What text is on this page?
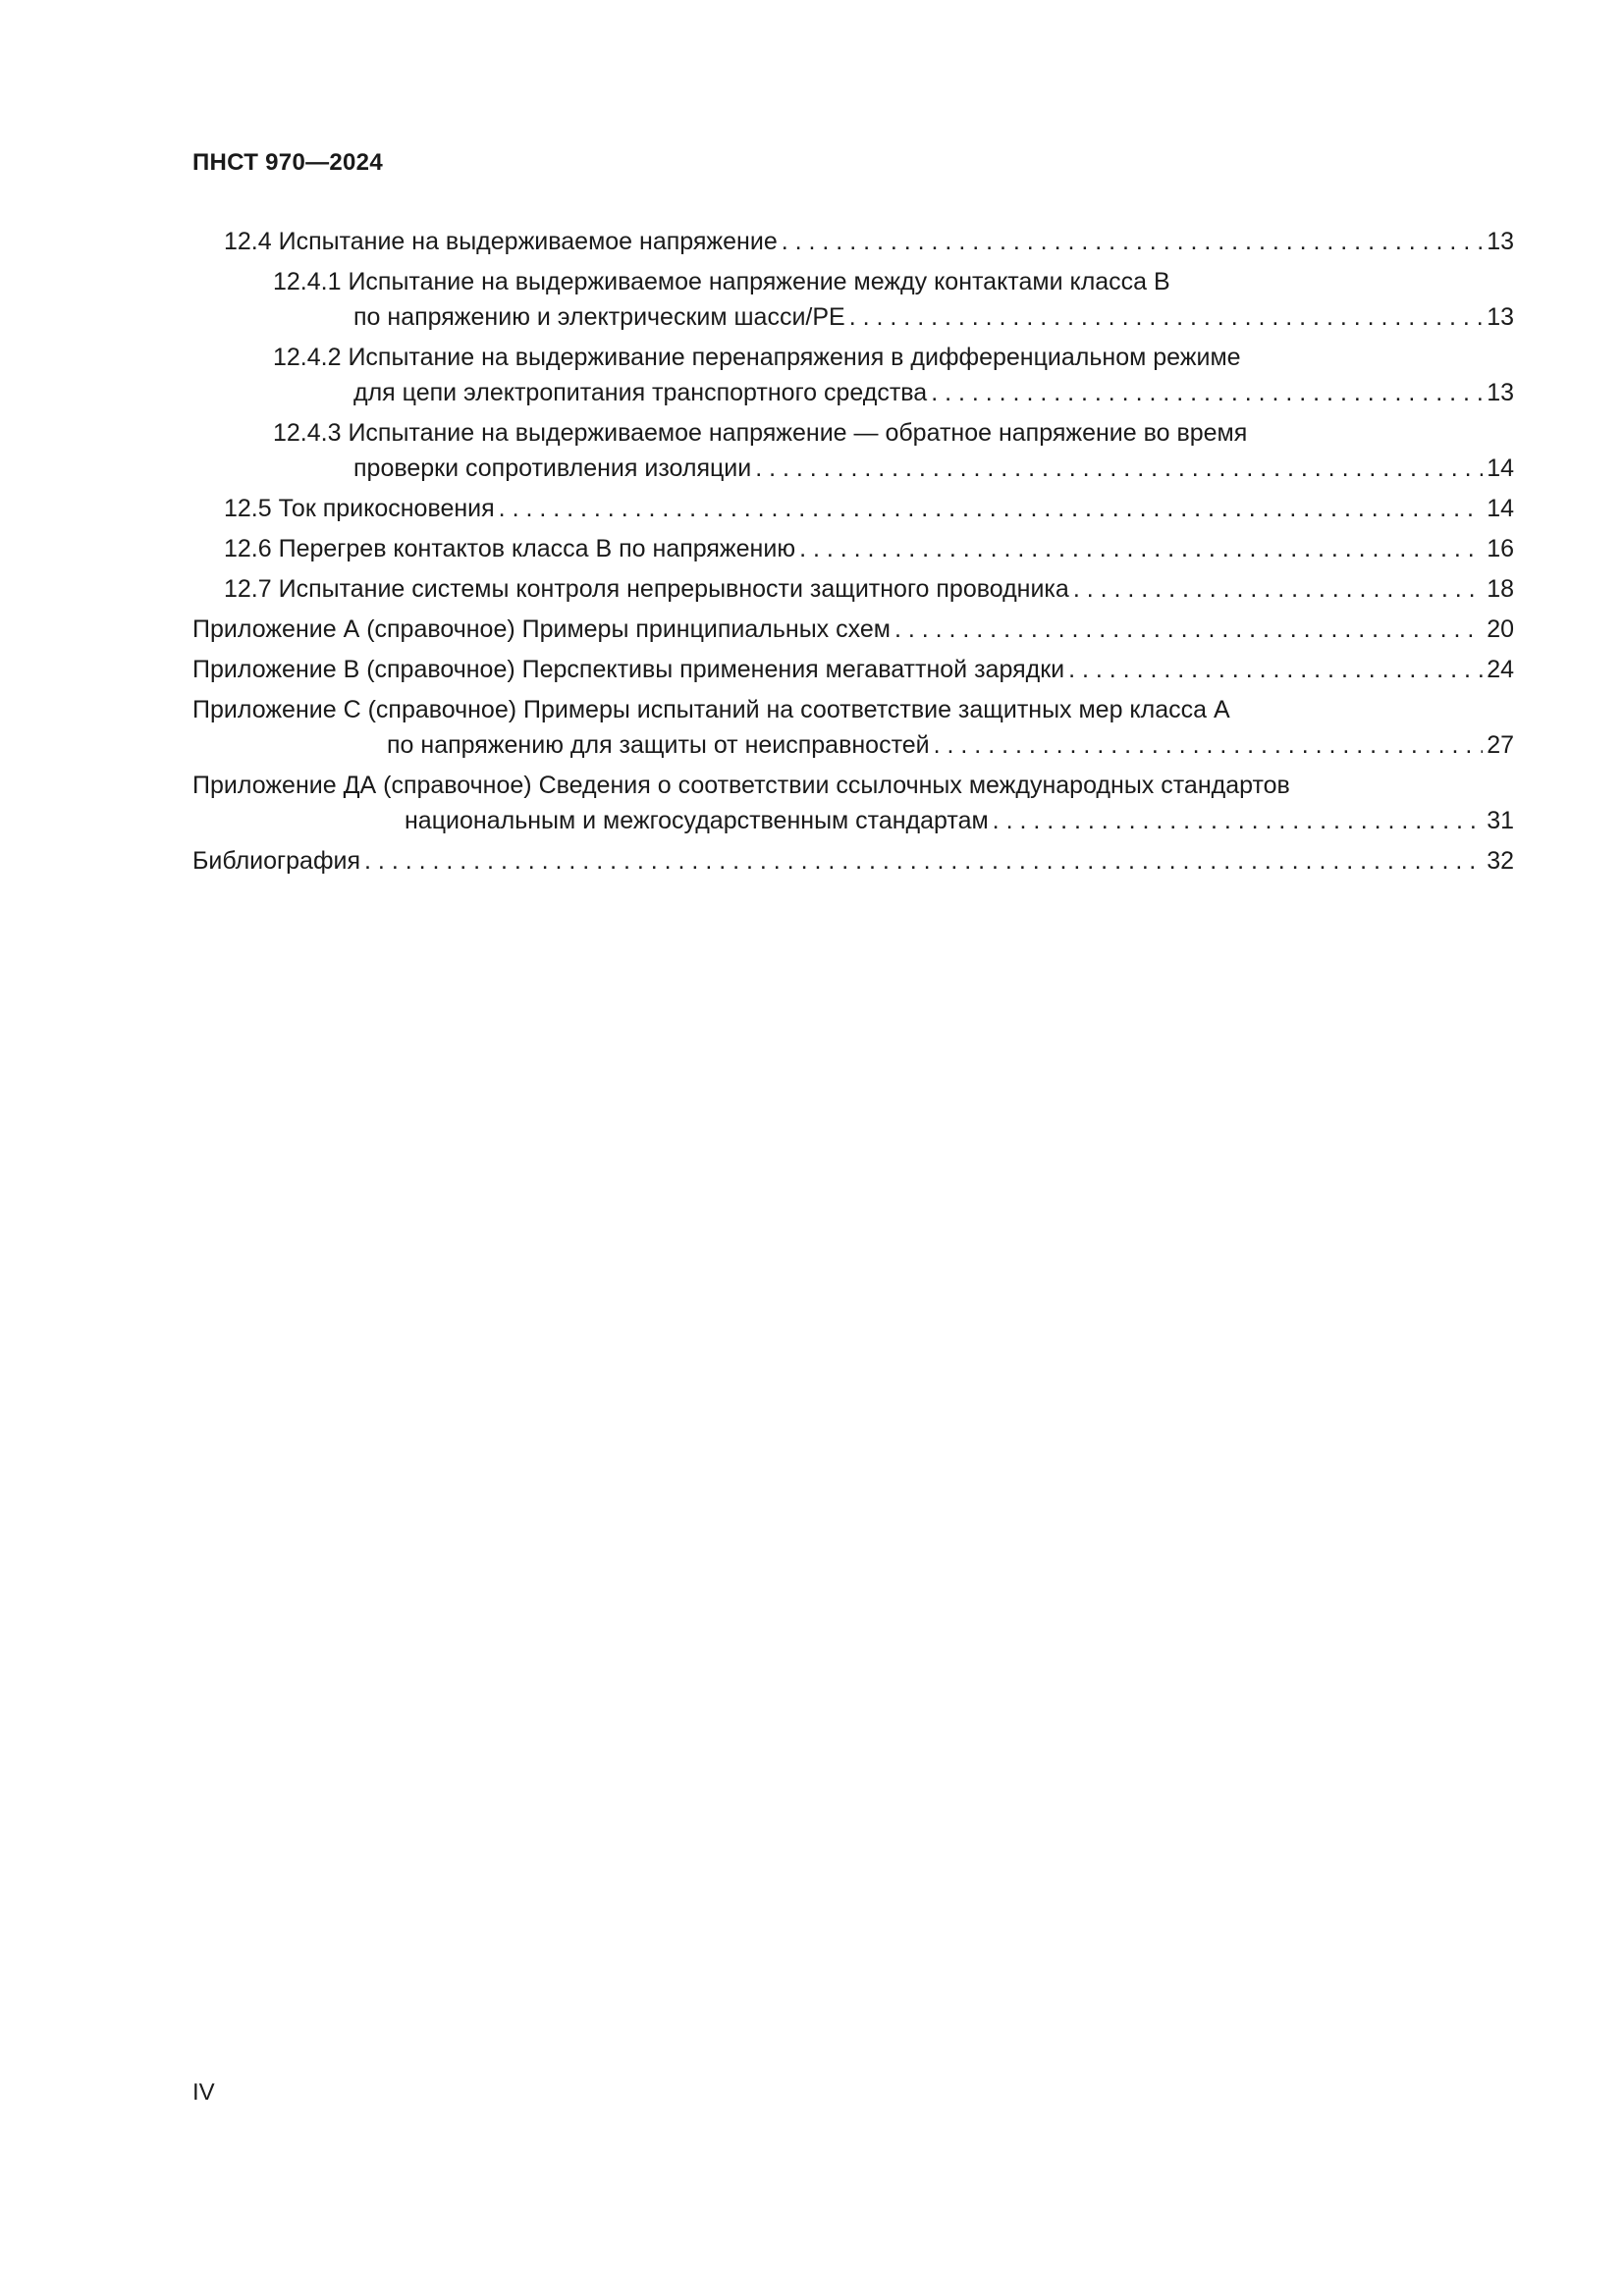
ПНСТ 970—2024
12.4 Испытание на выдерживаемое напряжение . . .	13
12.4.1 Испытание на выдерживаемое напряжение между контактами класса В
по напряжению и электрическим шасси/PE . . .	13
12.4.2 Испытание на выдерживание перенапряжения в дифференциальном режиме
для цепи электропитания транспортного средства . . .	13
12.4.3 Испытание на выдерживаемое напряжение — обратное напряжение во время
проверки сопротивления изоляции . . .	14
12.5 Ток прикосновения . . .	14
12.6 Перегрев контактов класса В по напряжению . . .	16
12.7 Испытание системы контроля непрерывности защитного проводника . . .	18
Приложение А (справочное) Примеры принципиальных схем . . .	20
Приложение В (справочное) Перспективы применения мегаваттной зарядки . . .	24
Приложение С (справочное) Примеры испытаний на соответствие защитных мер класса А
по напряжению для защиты от неисправностей . . .	27
Приложение ДА (справочное) Сведения о соответствии ссылочных международных стандартов
национальным и межгосударственным стандартам . . .	31
Библиография . . .	32
IV
